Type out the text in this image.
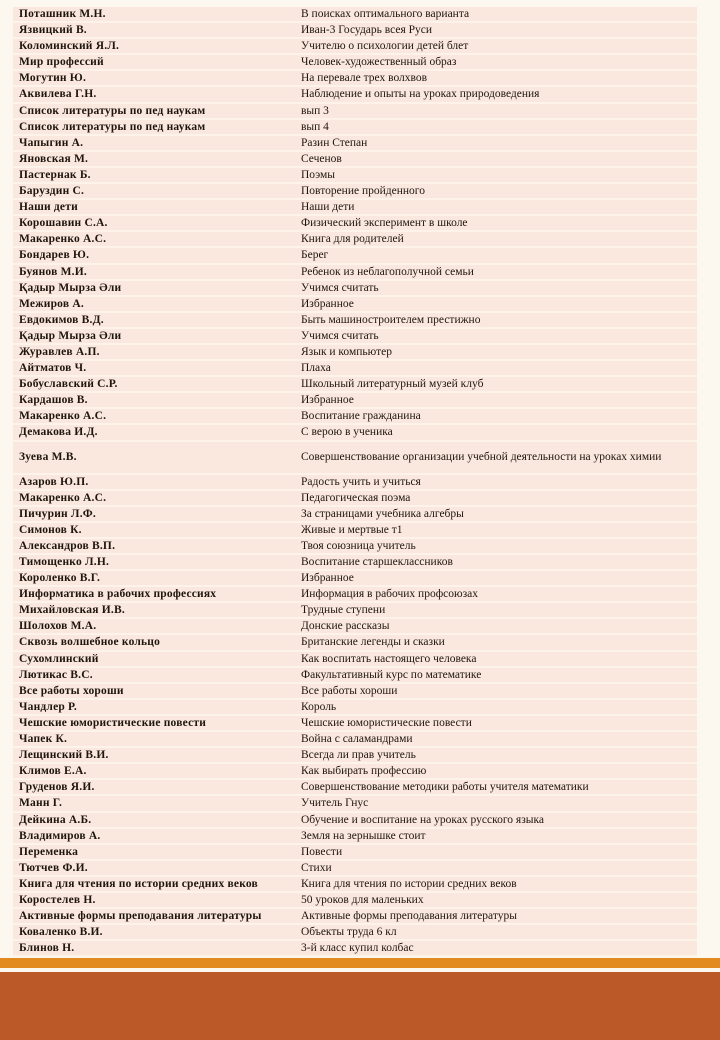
Поташник М.Н.	В поисках оптимального варианта
Язвицкий В.	Иван-3 Государь всея Руси
Коломинский Я.Л.	Учителю о психологии детей блет
Мир профессий	Человек-художественный образ
Могутин Ю.	На перевале трех волхвов
Аквилева Г.Н.	Наблюдение и опыты на уроках природоведения
Список литературы по пед наукам	вып 3
Список литературы по пед наукам	вып 4
Чапыгин А.	Разин Степан
Яновская М.	Сеченов
Пастернак Б.	Поэмы
Баруздин С.	Повторение пройденного
Наши дети	Наши дети
Корошавин С.А.	Физический эксперимент в школе
Макаренко А.С.	Книга для родителей
Бондарев Ю.	Берег
Буянов М.И.	Ребенок из неблагополучной семьи
Қадыр Мырза Әли	Учимся считать
Межиров А.	Избранное
Евдокимов В.Д.	Быть машиностроителем престижно
Қадыр Мырза Әли	Учимся считать
Журавлев А.П.	Язык и компьютер
Айтматов Ч.	Плаха
Бобуславский С.Р.	Школьный литературный музей клуб
Кардашов В.	Избранное
Макаренко А.С.	Воспитание гражданина
Демакова И.Д.	С верою в ученика
Зуева М.В.	Совершенствование организации учебной деятельности на уроках химии
Азаров Ю.П.	Радость учить и учиться
Макаренко А.С.	Педагогическая поэма
Пичурин Л.Ф.	За страницами учебника алгебры
Симонов К.	Живые и мертвые т1
Александров В.П.	Твоя союзница учитель
Тимощенко Л.Н.	Воспитание старшеклассников
Короленко В.Г.	Избранное
Информатика в рабочих профессиях	Информация в рабочих профсоюзах
Михайловская И.В.	Трудные ступени
Шолохов М.А.	Донские рассказы
Сквозь волшебное кольцо	Британские легенды и сказки
Сухомлинский	Как воспитать настоящего человека
Лютикас В.С.	Факультативный курс по математике
Все работы хороши	Все работы хороши
Чандлер Р.	Король
Чешские юмористические повести	Чешские юмористические повести
Чапек К.	Война с саламандрами
Лещинский В.И.	Всегда ли прав учитель
Климов Е.А.	Как выбирать профессию
Груденов Я.И.	Совершенствование методики работы учителя математики
Манн Г.	Учитель Гнус
Дейкина А.Б.	Обучение и воспитание на уроках русского языка
Владимиров А.	Земля на зернышке стоит
Переменка	Повести
Тютчев Ф.И.	Стихи
Книга для чтения по истории средних веков	Книга для чтения по истории средних веков
Коростелев Н.	50 уроков для маленьких
Активные формы преподавания литературы	Активные формы преподавания литературы
Коваленко В.И.	Объекты труда 6 кл
Блинов Н.	3-й класс купил колбас
